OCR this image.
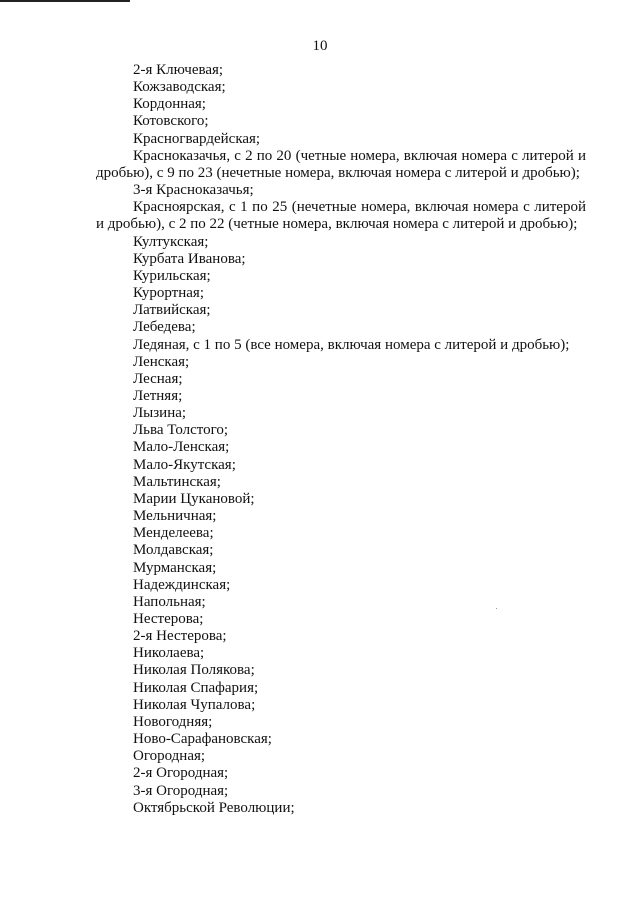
10

2-я Ключевая;

Кожзаводская;

Кордонная;

Котовского;

Красногвардейская;

Красноказачья, с 2 по 20 (четные номера, включая номера с литерой и дробью), с 9 по 23 (нечетные номера, включая номера с литерой и дробью);

3-я Красноказачья;

Красноярская, с 1 по 25 (нечетные номера, включая номера с литерой и дробью), с 2 по 22 (четные номера, включая номера с литерой и дробью);

Култукская;

Курбата Иванова;

Курильская;

Курортная;

Латвийская;

Лебедева;

Ледяная, с 1 по 5 (все номера, включая номера с литерой и дробью);

Ленская;

Лесная;

Летняя;

Лызина;

Льва Толстого;

Мало-Ленская;

Мало-Якутская;

Мальтинская;

Марии Цукановой;

Мельничная;

Менделеева;

Молдавская;

Мурманская;

Надеждинская;

Напольная;

Нестерова;

2-я Нестерова;

Николаева;

Николая Полякова;

Николая Спафария;

Николая Чупалова;

Новогодняя;

Ново-Сарафановская;

Огородная;

2-я Огородная;

3-я Огородная;

Октябрьской Революции;
